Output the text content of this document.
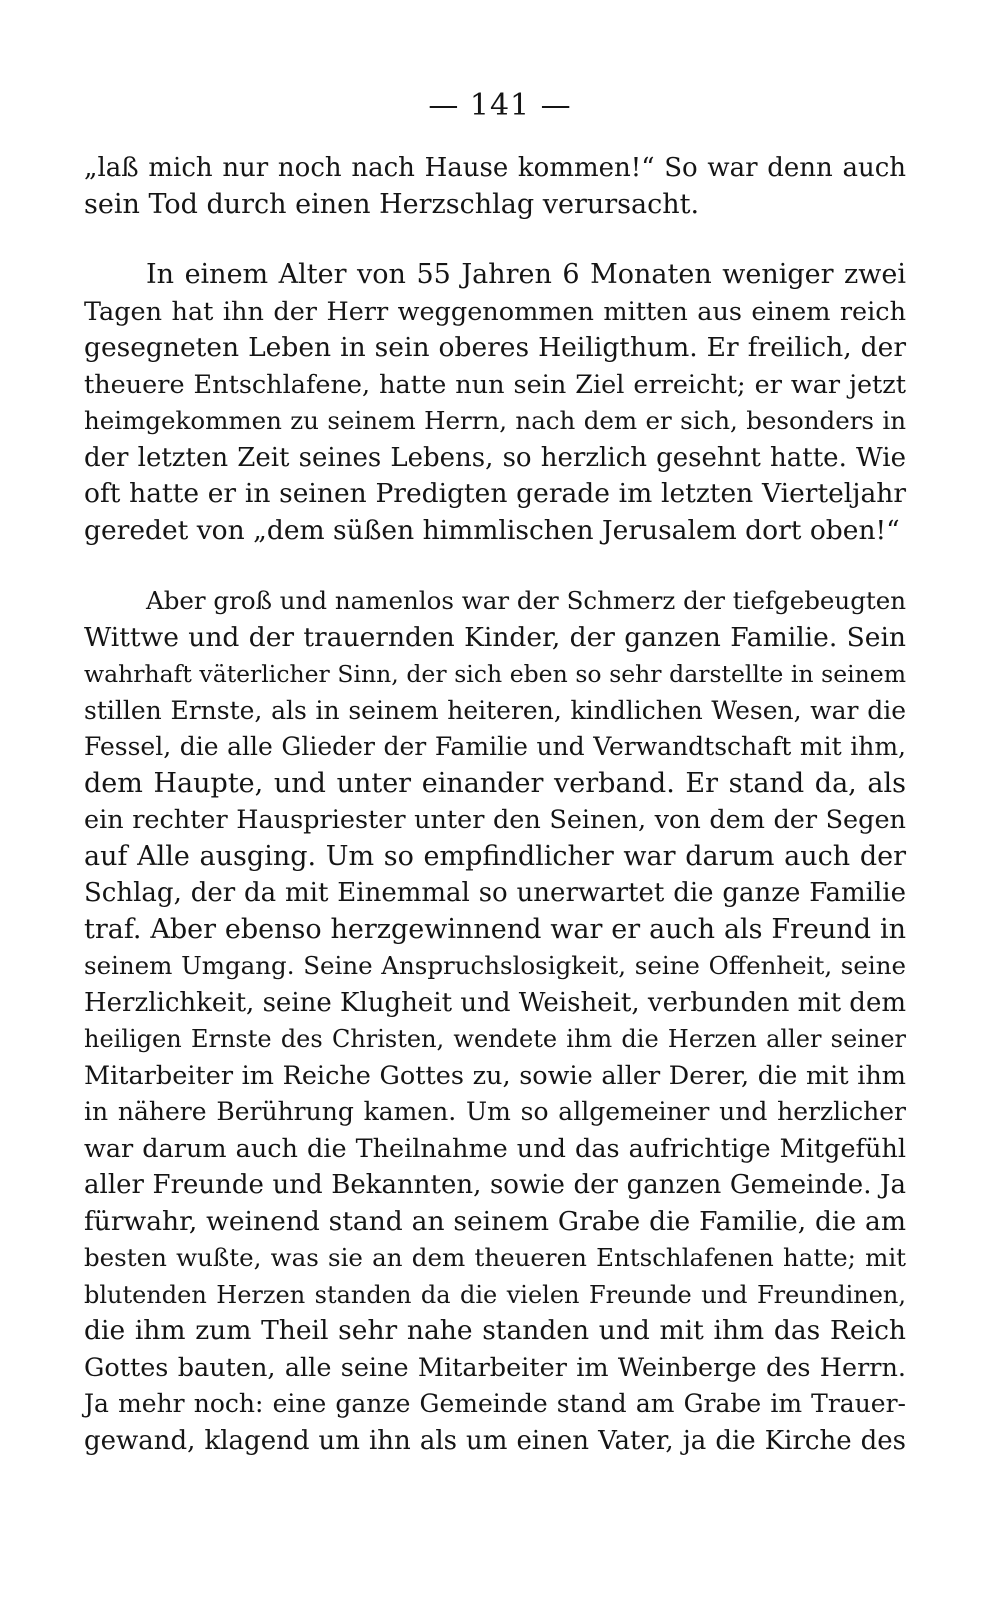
— 141 —
„laß mich nur noch nach Hause kommen!“ So war denn auch
sein Tod durch einen Herzschlag verursacht.
In einem Alter von 55 Jahren 6 Monaten weniger zwei
Tagen hat ihn der Herr weggenommen mitten aus einem reich
gesegneten Leben in sein oberes Heiligthum. Er freilich, der
theuere Entschlafene, hatte nun sein Ziel erreicht; er war jetzt
heimgekommen zu seinem Herrn, nach dem er sich, besonders in
der letzten Zeit seines Lebens, so herzlich gesehnt hatte. Wie
oft hatte er in seinen Predigten gerade im letzten Vierteljahr
geredet von „dem süßen himmlischen Jerusalem dort oben!“
Aber groß und namenlos war der Schmerz der tiefgebeugten
Wittwe und der trauernden Kinder, der ganzen Familie. Sein
wahrhaft väterlicher Sinn, der sich eben so sehr darstellte in seinem
stillen Ernste, als in seinem heiteren, kindlichen Wesen, war die
Fessel, die alle Glieder der Familie und Verwandtschaft mit ihm,
dem Haupte, und unter einander verband. Er stand da, als
ein rechter Hauspriester unter den Seinen, von dem der Segen
auf Alle ausging. Um so empfindlicher war darum auch der
Schlag, der da mit Einemmal so unerwartet die ganze Familie
traf. Aber ebenso herzgewinnend war er auch als Freund in
seinem Umgang. Seine Anspruchslosigkeit, seine Offenheit, seine
Herzlichkeit, seine Klugheit und Weisheit, verbunden mit dem
heiligen Ernste des Christen, wendete ihm die Herzen aller seiner
Mitarbeiter im Reiche Gottes zu, sowie aller Derer, die mit ihm
in nähere Berührung kamen. Um so allgemeiner und herzlicher
war darum auch die Theilnahme und das aufrichtige Mitgefühl
aller Freunde und Bekannten, sowie der ganzen Gemeinde. Ja
fürwahr, weinend stand an seinem Grabe die Familie, die am
besten wußte, was sie an dem theueren Entschlafenen hatte; mit
blutenden Herzen standen da die vielen Freunde und Freundinen,
die ihm zum Theil sehr nahe standen und mit ihm das Reich
Gottes bauten, alle seine Mitarbeiter im Weinberge des Herrn.
Ja mehr noch: eine ganze Gemeinde stand am Grabe im Trauer-
gewand, klagend um ihn als um einen Vater, ja die Kirche des
